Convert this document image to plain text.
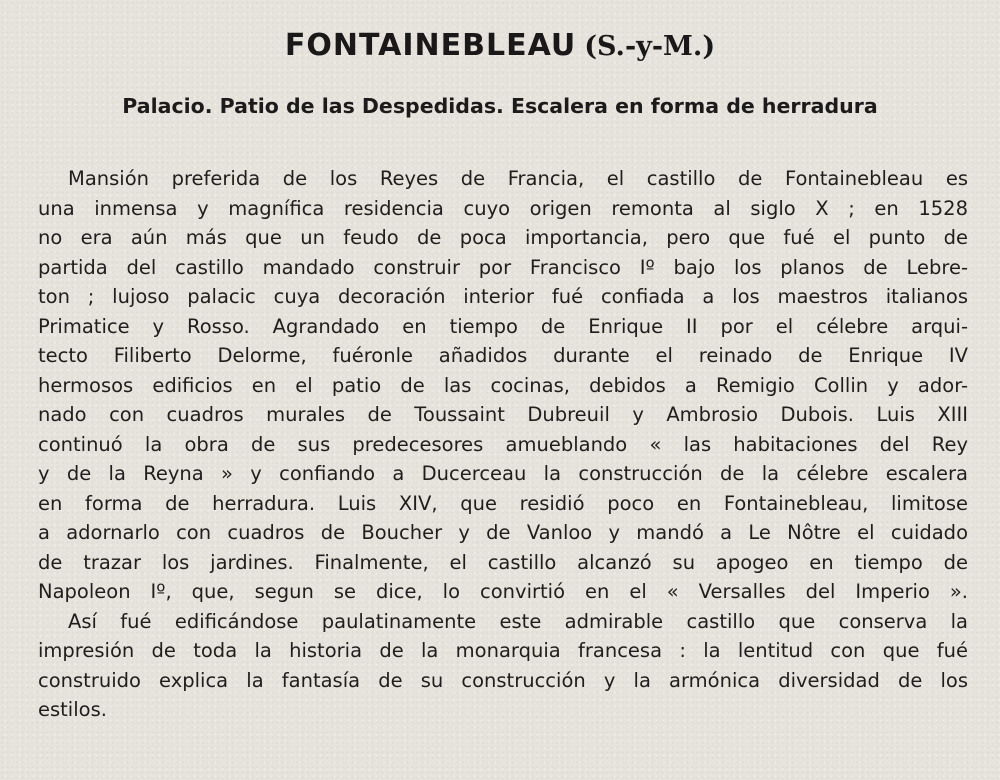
FONTAINEBLEAU (S.-y-M.)
Palacio. Patio de las Despedidas. Escalera en forma de herradura
Mansión preferida de los Reyes de Francia, el castillo de Fontainebleau es
una inmensa y magnífica residencia cuyo origen remonta al siglo X ; en 1528
no era aún más que un feudo de poca importancia, pero que fué el punto de
partida del castillo mandado construir por Francisco Iº bajo los planos de Lebre-
ton ; lujoso palacic cuya decoración interior fué confiada a los maestros italianos
Primatice y Rosso. Agrandado en tiempo de Enrique II por el célebre arqui-
tecto Filiberto Delorme, fuéronle añadidos durante el reinado de Enrique IV
hermosos edificios en el patio de las cocinas, debidos a Remigio Collin y ador-
nado con cuadros murales de Toussaint Dubreuil y Ambrosio Dubois. Luis XIII
continuó la obra de sus predecesores amueblando « las habitaciones del Rey
y de la Reyna » y confiando a Ducerceau la construcción de la célebre escalera
en forma de herradura. Luis XIV, que residió poco en Fontainebleau, limitose
a adornarlo con cuadros de Boucher y de Vanloo y mandó a Le Nôtre el cuidado
de trazar los jardines. Finalmente, el castillo alcanzó su apogeo en tiempo de
Napoleon Iº, que, segun se dice, lo convirtió en el « Versalles del Imperio ».
Así fué edificándose paulatinamente este admirable castillo que conserva la
impresión de toda la historia de la monarquia francesa : la lentitud con que fué
construido explica la fantasía de su construcción y la armónica diversidad de los
estilos.
